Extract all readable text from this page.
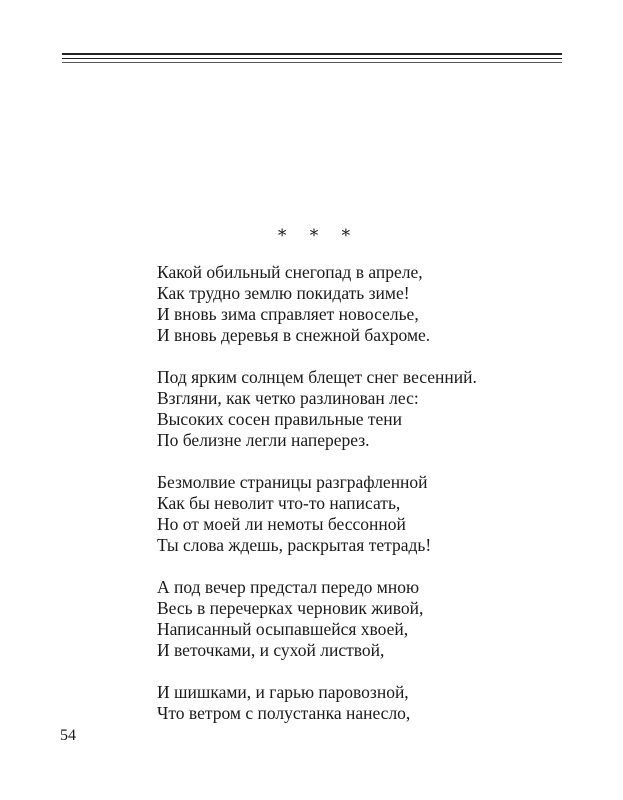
* * *
Какой обильный снегопад в апреле,
Как трудно землю покидать зиме!
И вновь зима справляет новоселье,
И вновь деревья в снежной бахроме.
Под ярким солнцем блещет снег весенний.
Взгляни, как четко разлинован лес:
Высоких сосен правильные тени
По белизне легли наперерез.
Безмолвие страницы разграфленной
Как бы неволит что-то написать,
Но от моей ли немоты бессонной
Ты слова ждешь, раскрытая тетрадь!
А под вечер предстал передо мною
Весь в перечерках черновик живой,
Написанный осыпавшейся хвоей,
И веточками, и сухой листвой,
И шишками, и гарью паровозной,
Что ветром с полустанка нанесло,
54
